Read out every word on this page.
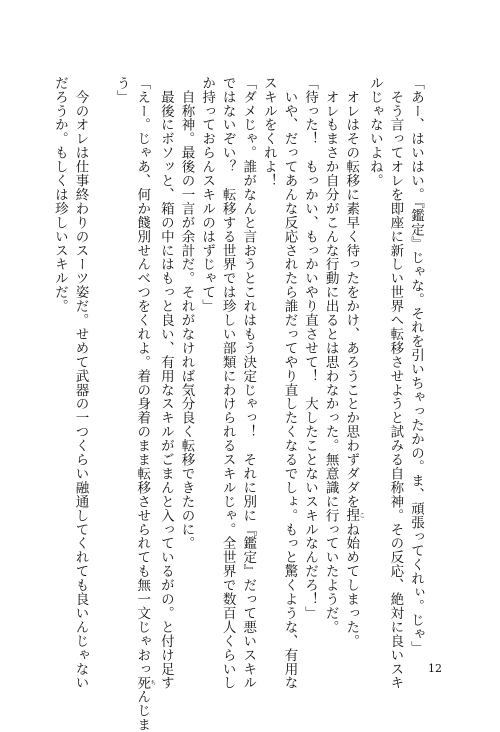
「あー、はいはい。『鑑定』じゃな。それを引いちゃったかの。ま、頑張ってくれぃ。じゃ」
　そう言ってオレを即座に新しい世界へ転移させようと試みる自称神。その反応、絶対に良いスキ
ルじゃないよね。
　オレはその転移に素早く待ったをかけ、あろうことか思わずダダを捏こね始めてしまった。
　オレもまさか自分がこんな行動に出るとは思わなかった。無意識に行っていたようだ。
「待った！　もっかい、もっかいやり直させて！　大したことないスキルなんだろ！」
　いや、だってあんな反応されたら誰だってやり直したくなるでしょ。もっと驚くような、有用な
スキルをくれよ！
「ダメじゃ。誰がなんと言おうとこれはもう決定じゃっ！　それに別に『鑑定』だって悪いスキル
ではないぞい？　転移する世界では珍しい部類にわけられるスキルじゃ。全世界で数百人くらいし
か持っておらんスキルのはずじゃて」
　自称神。最後の一言が余計だ。それがなければ気分良く転移できたのに。
　最後にボソッと、箱の中にはもっと良い、有用なスキルがごまんと入っているがの。と付け足す
「えー。じゃあ、何か餞別せんべつをくれよ。着の身着のまま転移させられても無一文じゃおっ死ちんじま
う」
　今のオレは仕事終わりのスーツ姿だ。せめて武器の一つくらい融通してくれても良いんじゃない
だろうか。もしくは珍しいスキルだ。
12
